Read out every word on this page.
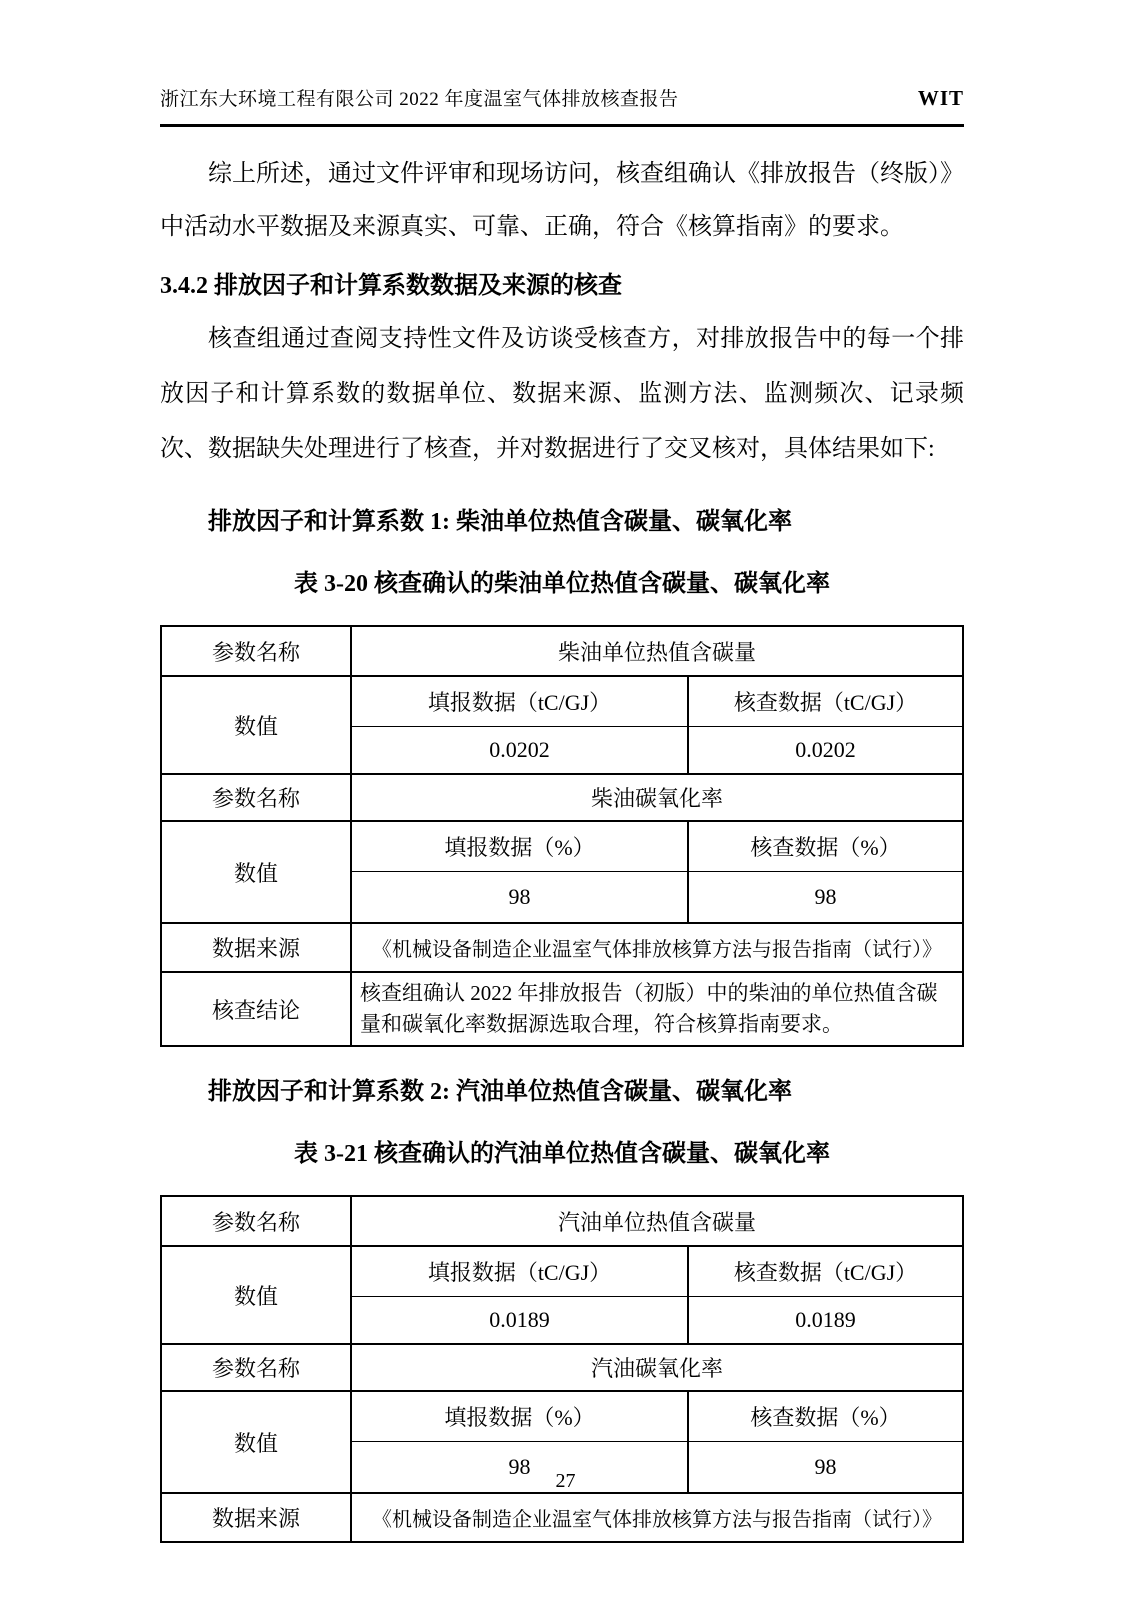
浙江东大环境工程有限公司 2022 年度温室气体排放核查报告	WIT

综上所述，通过文件评审和现场访问，核查组确认《排放报告（终版）》中活动水平数据及来源真实、可靠、正确，符合《核算指南》的要求。

3.4.2 排放因子和计算系数数据及来源的核查

核查组通过查阅支持性文件及访谈受核查方，对排放报告中的每一个排放因子和计算系数的数据单位、数据来源、监测方法、监测频次、记录频次、数据缺失处理进行了核查，并对数据进行了交叉核对，具体结果如下:

排放因子和计算系数 1: 柴油单位热值含碳量、碳氧化率
表 3-20 核查确认的柴油单位热值含碳量、碳氧化率
参数名称	柴油单位热值含碳量	
数值	填报数据（tC/GJ）	核查数据（tC/GJ）
	0.0202	0.0202
参数名称	柴油碳氧化率	
数值	填报数据（%）	核查数据（%）
	98	98
数据来源	《机械设备制造企业温室气体排放核算方法与报告指南（试行）》	
核查结论	核查组确认 2022 年排放报告（初版）中的柴油的单位热值含碳量和碳氧化率数据源选取合理，符合核算指南要求。	
排放因子和计算系数 2: 汽油单位热值含碳量、碳氧化率
表 3-21 核查确认的汽油单位热值含碳量、碳氧化率
参数名称	汽油单位热值含碳量	
数值	填报数据（tC/GJ）	核查数据（tC/GJ）
	0.0189	0.0189
参数名称	汽油碳氧化率	
数值	填报数据（%）	核查数据（%）
	98	98
数据来源	《机械设备制造企业温室气体排放核算方法与报告指南（试行）》	
27
